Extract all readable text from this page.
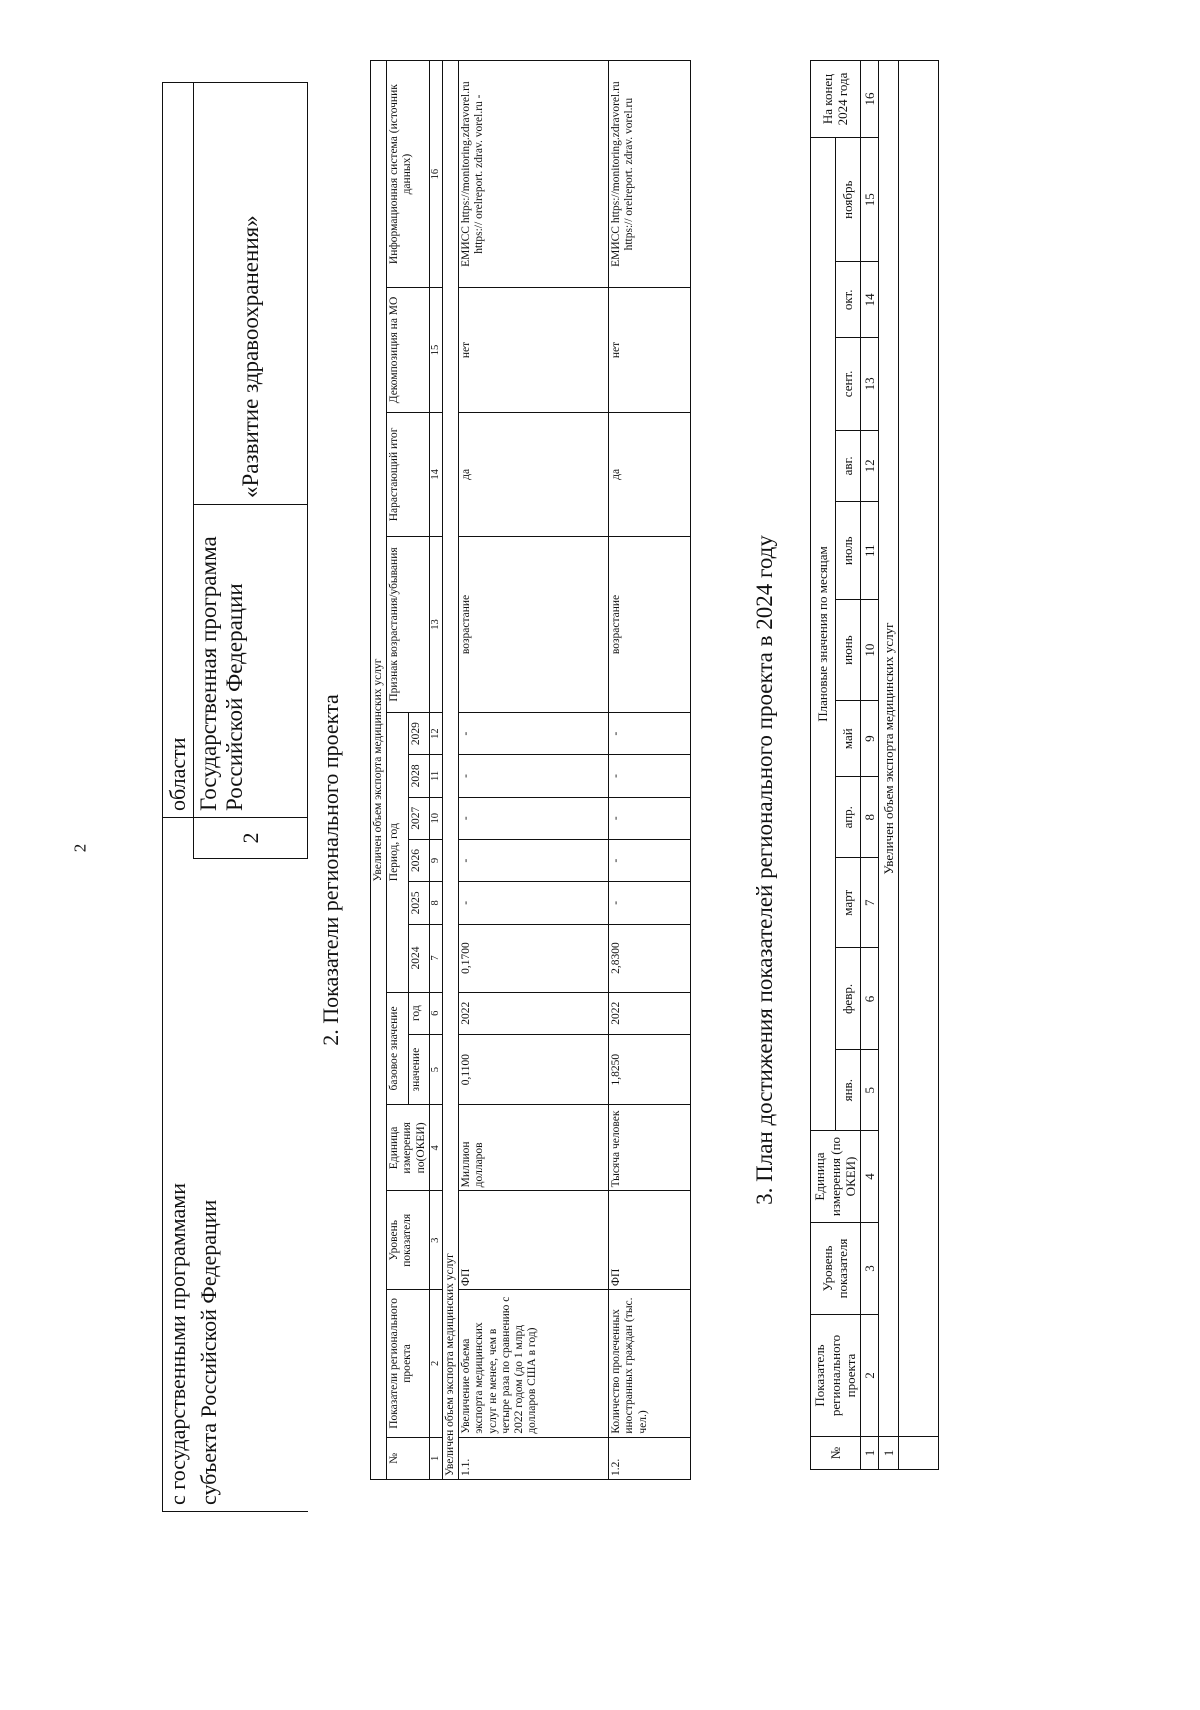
2
с государственными программами		области	
субъекта Российской Федерации	2	Государственная программа Российской Федерации	«Развитие здравоохранения»
2. Показатели регионального проекта	Увеличен объем экспорта медицинских услуг															
№	Показатели регионального проекта	Уровень показателя	Единица измерения по(ОКЕИ)	базовое значение		Период, год						Признак возрастания/убывания	Нарастающий итог	Декомпозиция на МО	Информационная система (источник данных)

				значение	год	2024	2025	2026	2027	2028	2029				
1	2	3	4	5	6	7	8	9	10	11	12	13	14	15	16
Увеличен объем экспорта медицинских услуг															
1.1.	Увеличение объема экспорта медицинских услуг не менее, чем в четыре раза по сравнению с 2022 годом (до 1 млрд долларов США в год)	ФП	Миллион долларов	0,1100	2022	0,1700	-	-	-	-	-	возрастание	да	нет	ЕМИСС https://monitoring.zdravorel.ru https:// orelreport. zdrav. vorel.ru -
1.2.	Количество пролеченных иностранных граждан (тыс. чел.)	ФП	Тысяча человек	1,8250	2022	2,8300	-	-	-	-	-	возрастание	да	нет	ЕМИСС https://monitoring.zdravorel.ru https:// orelreport. zdrav. vorel.ru
3. План достижения показателей регионального проекта в 2024 году
№	Показатель регионального проекта	Уровень показателя	Единица измерения (по ОКЕИ)	Плановые значения по месяцам											На конец 2024 года
				янв.	февр.	март	апр.	май	июнь	июль	авг.	сент.	окт.	ноябрь	
1	2	3	4	5	6	7	8	9	10	11	12	13	14	15	16
1	Увеличен объем экспорта медицинских услуг														
